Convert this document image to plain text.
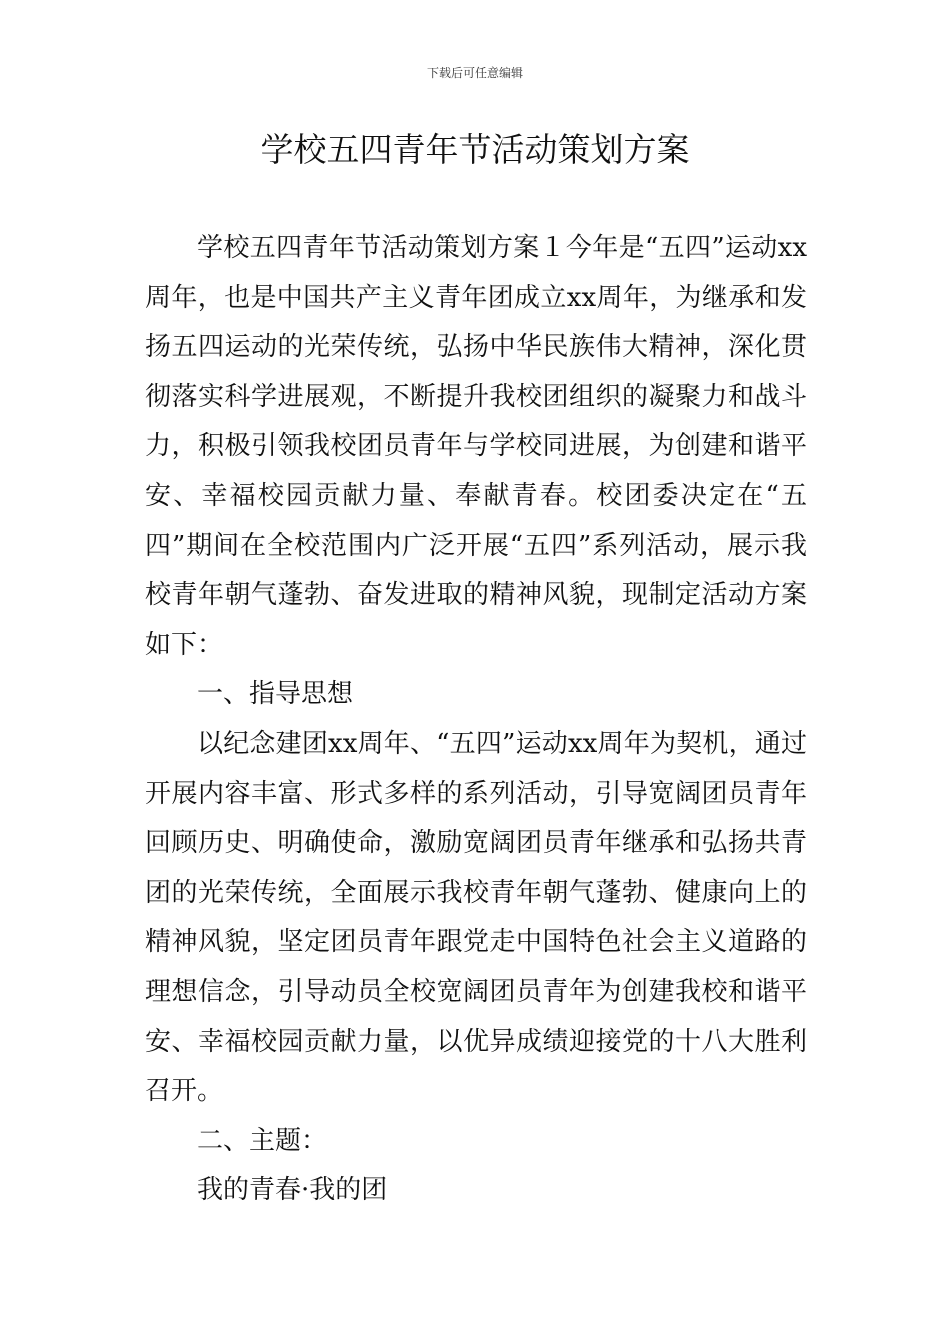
下载后可任意编辑
学校五四青年节活动策划方案

学校五四青年节活动策划方案１今年是“五四”运动xx周年，也是中国共产主义青年团成立xx周年，为继承和发扬五四运动的光荣传统，弘扬中华民族伟大精神，深化贯彻落实科学进展观，不断提升我校团组织的凝聚力和战斗力，积极引领我校团员青年与学校同进展，为创建和谐平安、幸福校园贡献力量、奉献青春。校团委决定在“五四”期间在全校范围内广泛开展“五四”系列活动，展示我校青年朝气蓬勃、奋发进取的精神风貌，现制定活动方案如下：

一、指导思想

以纪念建团xx周年、“五四”运动xx周年为契机，通过开展内容丰富、形式多样的系列活动，引导宽阔团员青年回顾历史、明确使命，激励宽阔团员青年继承和弘扬共青团的光荣传统，全面展示我校青年朝气蓬勃、健康向上的精神风貌，坚定团员青年跟党走中国特色社会主义道路的理想信念，引导动员全校宽阔团员青年为创建我校和谐平安、幸福校园贡献力量，以优异成绩迎接党的十八大胜利召开。

二、主题：

我的青春·我的团
